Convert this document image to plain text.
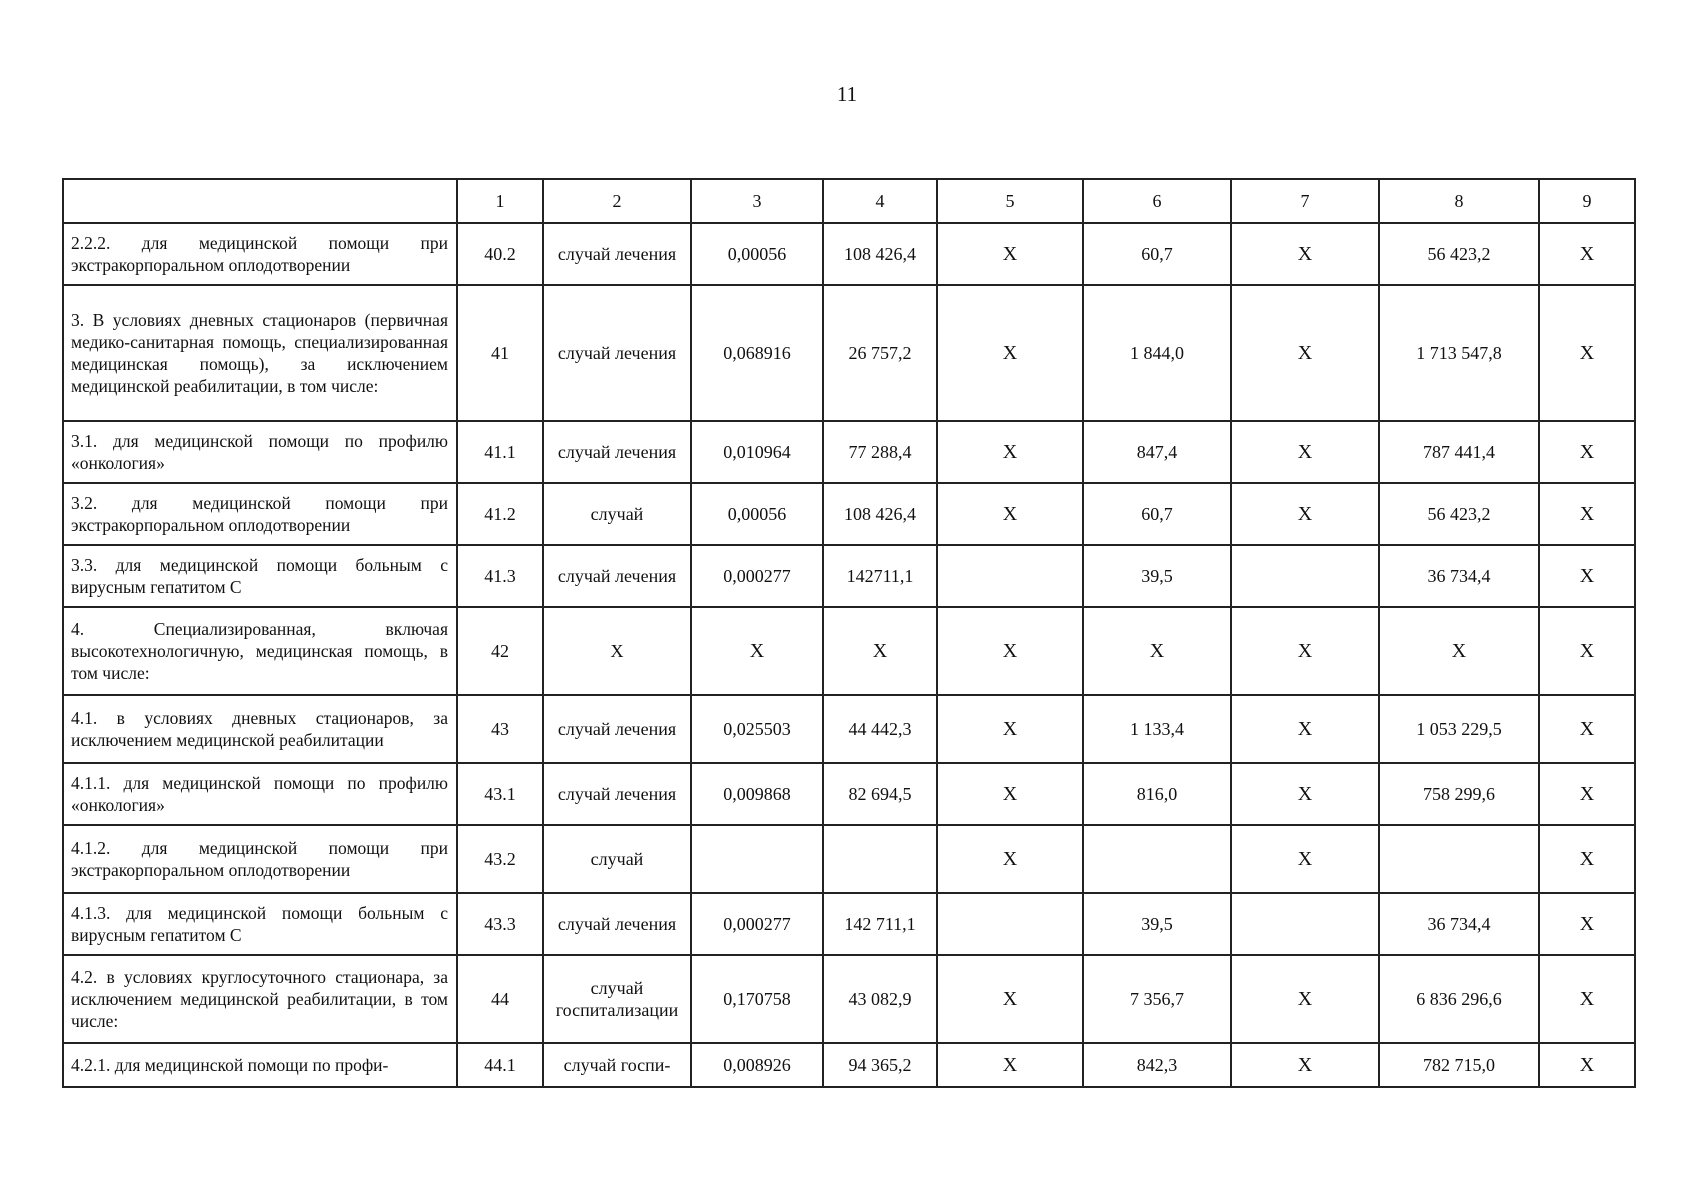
11
	1	2	3	4	5	6	7	8	9
2.2.2. для медицинской помощи при экстракорпоральном оплодотворении	40.2	случай лечения	0,00056	108 426,4	X	60,7	X	56 423,2	X
3. В условиях дневных стационаров (первичная медико-санитарная помощь, специализированная медицинская помощь), за исключением медицинской реабилитации, в том числе:	41	случай лечения	0,068916	26 757,2	X	1 844,0	X	1 713 547,8	X
3.1. для медицинской помощи по профилю «онкология»	41.1	случай лечения	0,010964	77 288,4	X	847,4	X	787 441,4	X
3.2. для медицинской помощи при экстракорпоральном оплодотворении	41.2	случай	0,00056	108 426,4	X	60,7	X	56 423,2	X
3.3. для медицинской помощи больным с вирусным гепатитом С	41.3	случай лечения	0,000277	142711,1		39,5		36 734,4	X
4. Специализированная, включая высокотехнологичную, медицинская помощь, в том числе:	42	X	X	X	X	X	X	X	X
4.1. в условиях дневных стационаров, за исключением медицинской реабилитации	43	случай лечения	0,025503	44 442,3	X	1 133,4	X	1 053 229,5	X
4.1.1. для медицинской помощи по профилю «онкология»	43.1	случай лечения	0,009868	82 694,5	X	816,0	X	758 299,6	X
4.1.2. для медицинской помощи при экстракорпоральном оплодотворении	43.2	случай			X		X		X
4.1.3. для медицинской помощи больным с вирусным гепатитом С	43.3	случай лечения	0,000277	142 711,1		39,5		36 734,4	X
4.2. в условиях круглосуточного стационара, за исключением медицинской реабилитации, в том числе:	44	случай госпитализации	0,170758	43 082,9	X	7 356,7	X	6 836 296,6	X
4.2.1. для медицинской помощи по профи-	44.1	случай госпи-	0,008926	94 365,2	X	842,3	X	782 715,0	X
